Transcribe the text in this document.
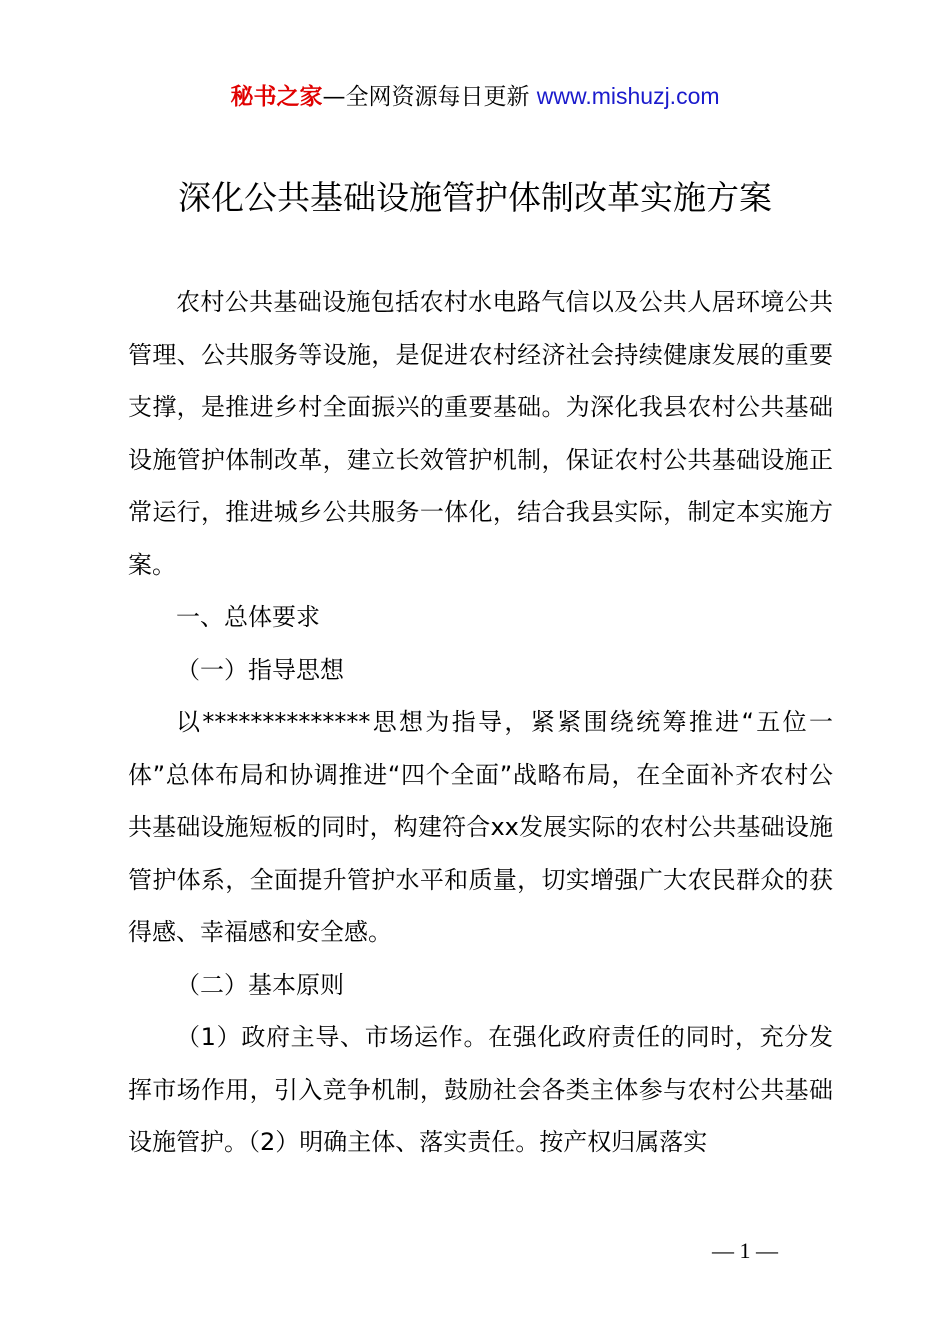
秘书之家—全网资源每日更新 www.mishuzj.com
深化公共基础设施管护体制改革实施方案

农村公共基础设施包括农村水电路气信以及公共人居环境公共管理、公共服务等设施，是促进农村经济社会持续健康发展的重要支撑，是推进乡村全面振兴的重要基础。为深化我县农村公共基础设施管护体制改革，建立长效管护机制，保证农村公共基础设施正常运行，推进城乡公共服务一体化，结合我县实际，制定本实施方案。

一、总体要求

（一）指导思想

以**************思想为指导，紧紧围绕统筹推进“五位一体”总体布局和协调推进“四个全面”战略布局，在全面补齐农村公共基础设施短板的同时，构建符合xx发展实际的农村公共基础设施管护体系，全面提升管护水平和质量，切实增强广大农民群众的获得感、幸福感和安全感。

（二）基本原则

（1）政府主导、市场运作。在强化政府责任的同时，充分发挥市场作用，引入竞争机制，鼓励社会各类主体参与农村公共基础设施管护。（2）明确主体、落实责任。按产权归属落实

— 1 —
